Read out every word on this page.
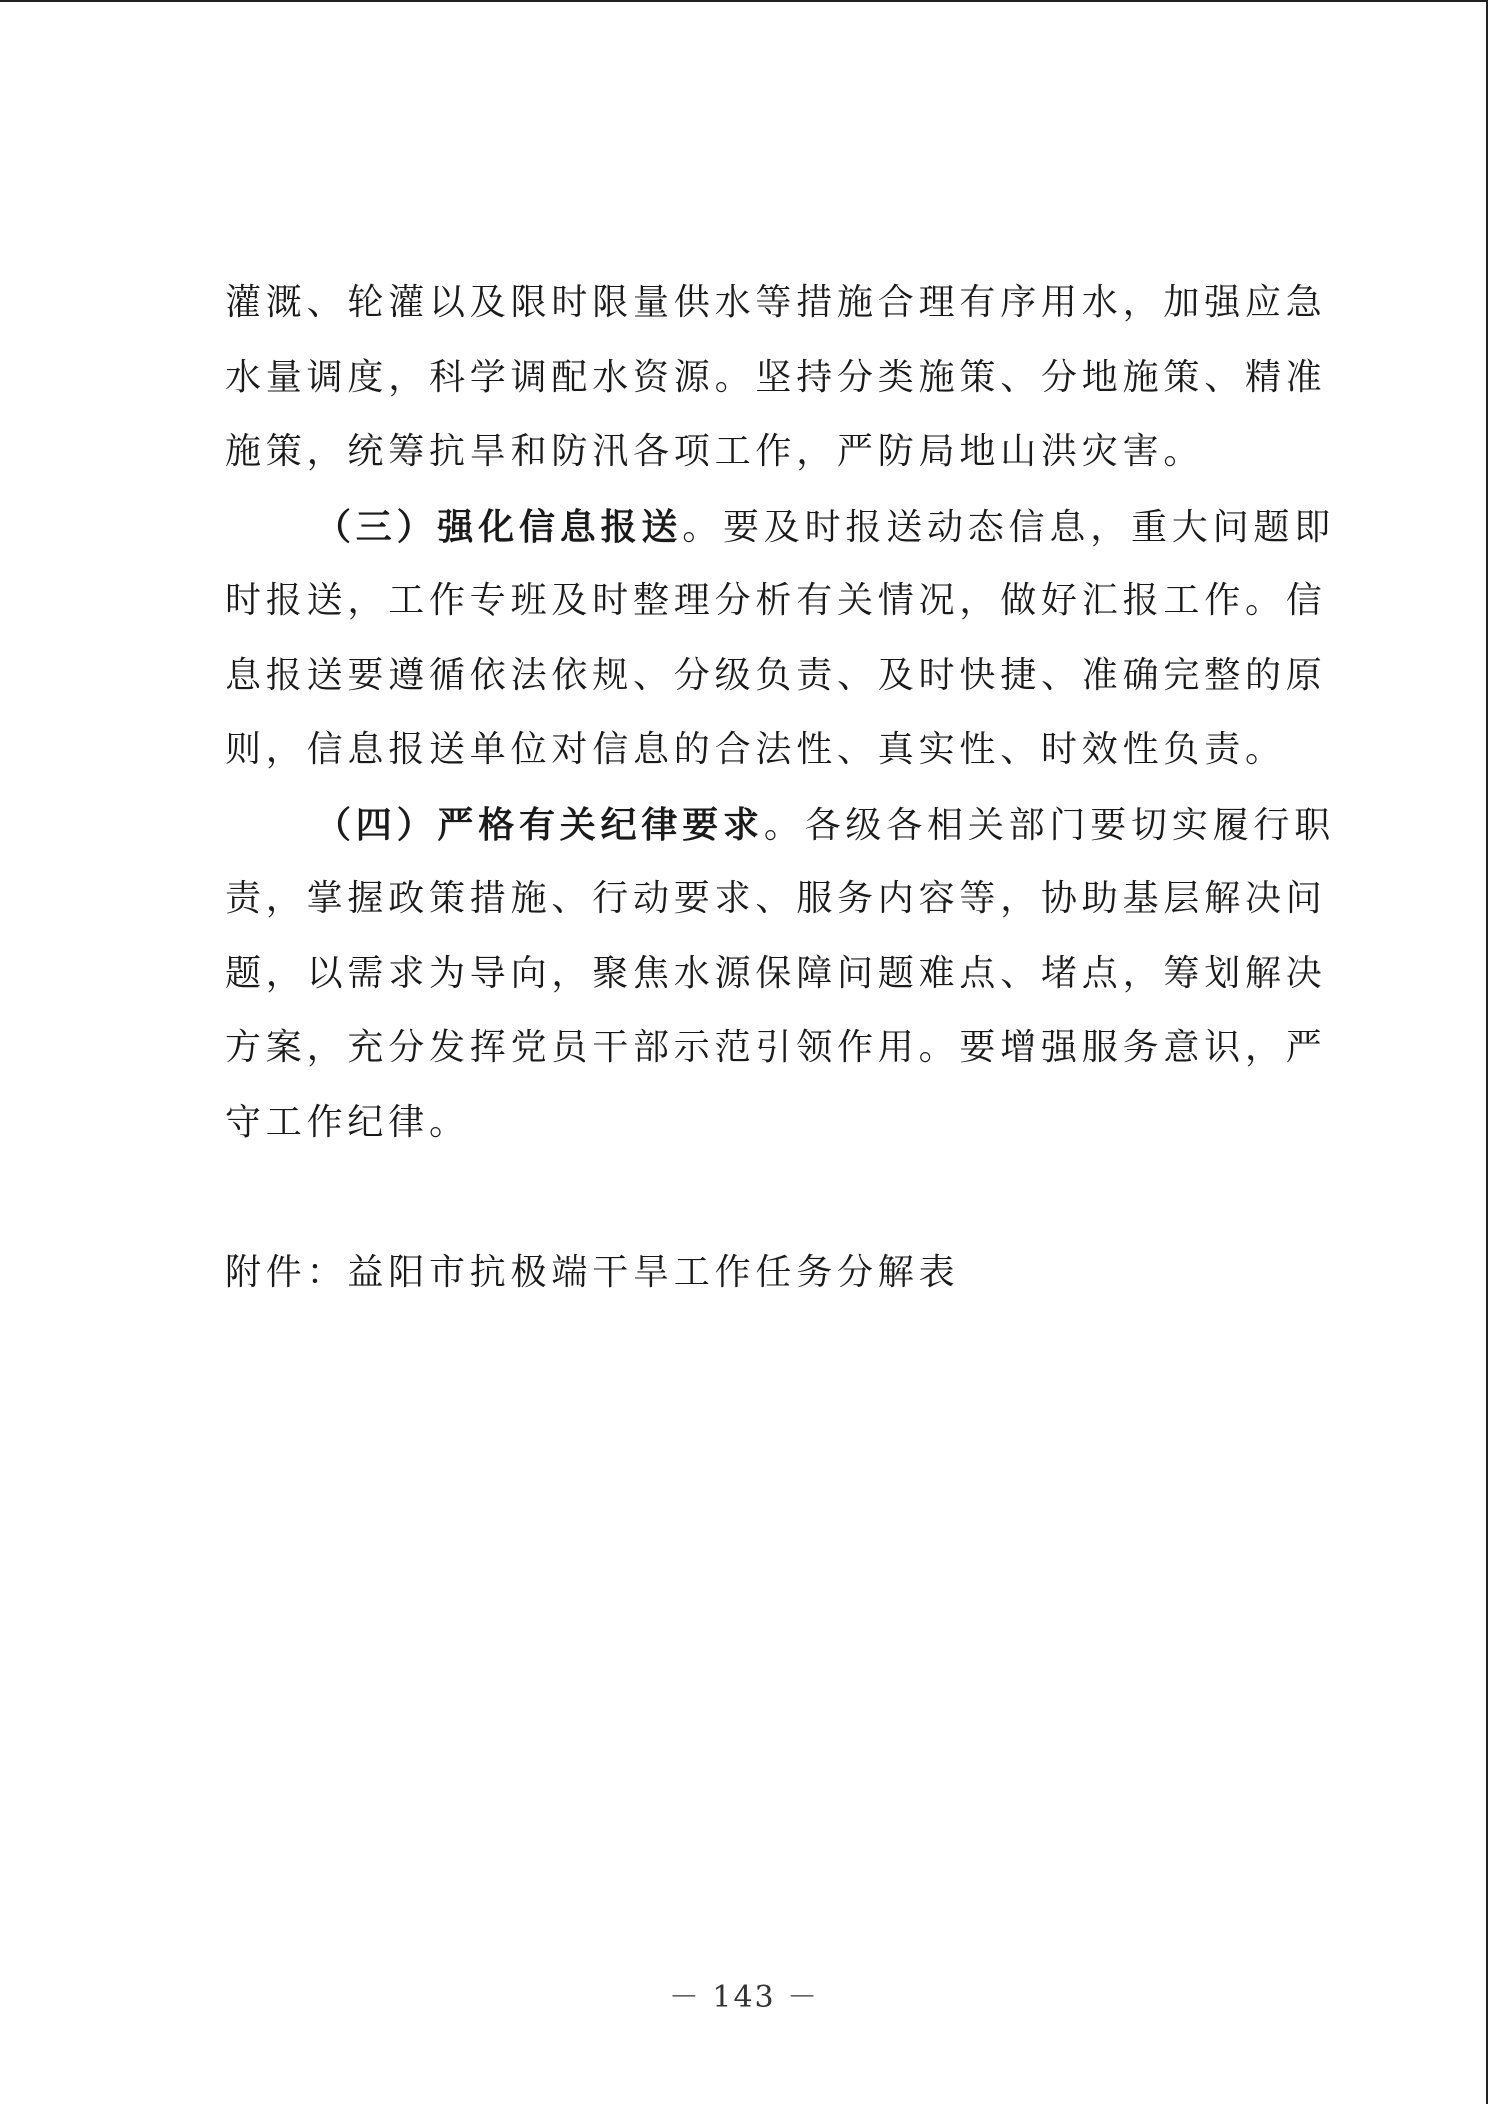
灌溉、轮灌以及限时限量供水等措施合理有序用水，加强应急
水量调度，科学调配水资源。坚持分类施策、分地施策、精准
施策，统筹抗旱和防汛各项工作，严防局地山洪灾害。
（三）强化信息报送。要及时报送动态信息，重大问题即
时报送，工作专班及时整理分析有关情况，做好汇报工作。信
息报送要遵循依法依规、分级负责、及时快捷、准确完整的原
则，信息报送单位对信息的合法性、真实性、时效性负责。
（四）严格有关纪律要求。各级各相关部门要切实履行职
责，掌握政策措施、行动要求、服务内容等，协助基层解决问
题，以需求为导向，聚焦水源保障问题难点、堵点，筹划解决
方案，充分发挥党员干部示范引领作用。要增强服务意识，严
守工作纪律。
附件：益阳市抗极端干旱工作任务分解表
－ 143 －
